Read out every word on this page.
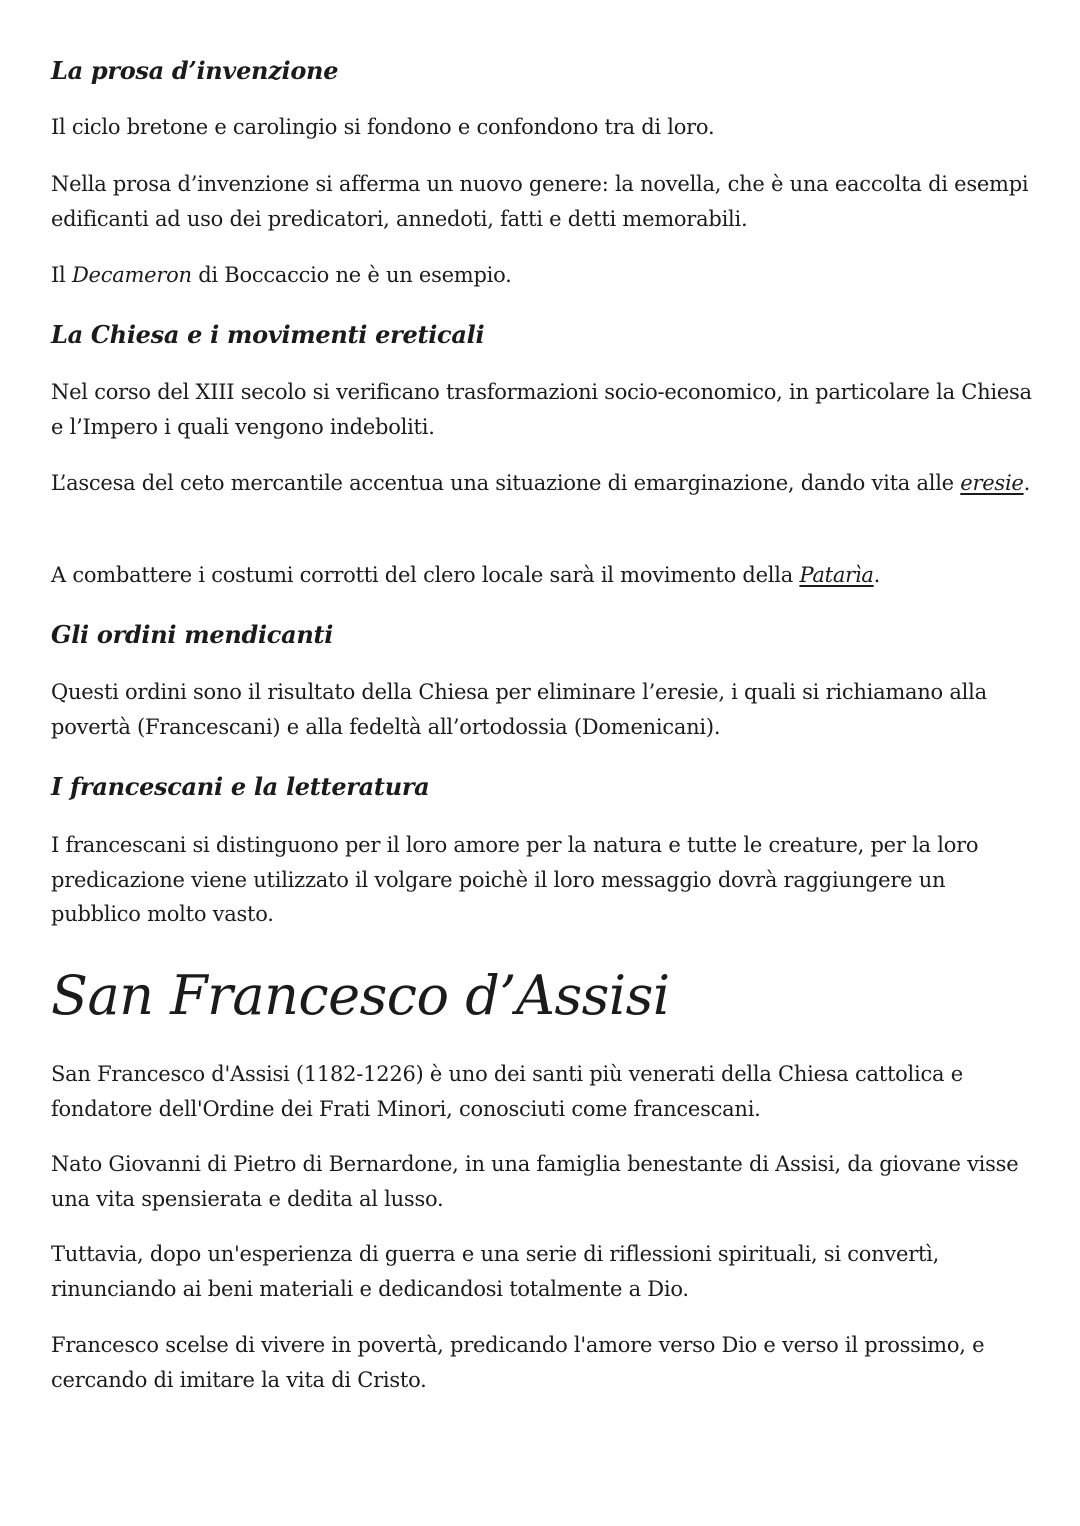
La prosa d’invenzione

Il ciclo bretone e carolingio si fondono e confondono tra di loro.

Nella prosa d’invenzione si afferma un nuovo genere: la novella, che è una eaccolta di esempi edificanti ad uso dei predicatori, annedoti, fatti e detti memorabili.

Il Decameron di Boccaccio ne è un esempio.

La Chiesa e i movimenti ereticali

Nel corso del XIII secolo si verificano trasformazioni socio-economico, in particolare la Chiesa e l’Impero i quali vengono indeboliti.

L’ascesa del ceto mercantile accentua una situazione di emarginazione, dando vita alle eresie.

A combattere i costumi corrotti del clero locale sarà il movimento della Patarìa.

Gli ordini mendicanti

Questi ordini sono il risultato della Chiesa per eliminare l’eresie, i quali si richiamano alla povertà (Francescani) e alla fedeltà all’ortodossia (Domenicani).

I francescani e la letteratura

I francescani si distinguono per il loro amore per la natura e tutte le creature, per la loro predicazione viene utilizzato il volgare poichè il loro messaggio dovrà raggiungere un pubblico molto vasto.

San Francesco d’Assisi

San Francesco d'Assisi (1182-1226) è uno dei santi più venerati della Chiesa cattolica e fondatore dell'Ordine dei Frati Minori, conosciuti come francescani.

Nato Giovanni di Pietro di Bernardone, in una famiglia benestante di Assisi, da giovane visse una vita spensierata e dedita al lusso.

Tuttavia, dopo un'esperienza di guerra e una serie di riflessioni spirituali, si convertì, rinunciando ai beni materiali e dedicandosi totalmente a Dio.

Francesco scelse di vivere in povertà, predicando l'amore verso Dio e verso il prossimo, e cercando di imitare la vita di Cristo.
